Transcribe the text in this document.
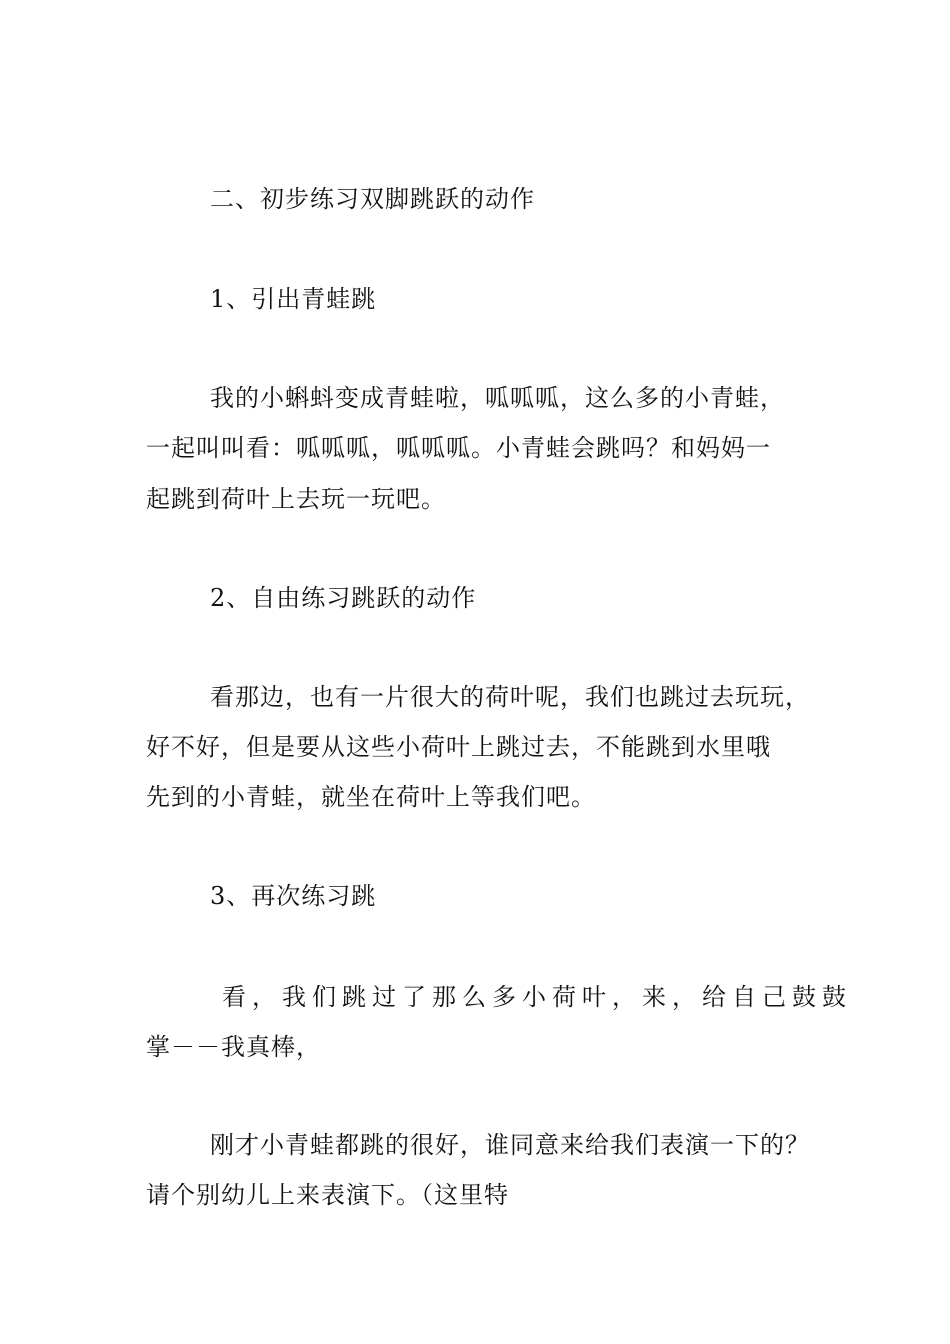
二、初步练习双脚跳跃的动作
1、引出青蛙跳
我的小蝌蚪变成青蛙啦，呱呱呱，这么多的小青蛙，
一起叫叫看：呱呱呱，呱呱呱。小青蛙会跳吗？和妈妈一
起跳到荷叶上去玩一玩吧。
2、自由练习跳跃的动作
看那边，也有一片很大的荷叶呢，我们也跳过去玩玩，
好不好，但是要从这些小荷叶上跳过去，不能跳到水里哦
先到的小青蛙，就坐在荷叶上等我们吧。
3、再次练习跳
看，我们跳过了那么多小荷叶，来，给自己鼓鼓
掌－－我真棒，
刚才小青蛙都跳的很好，谁同意来给我们表演一下的？
请个别幼儿上来表演下。（这里特
